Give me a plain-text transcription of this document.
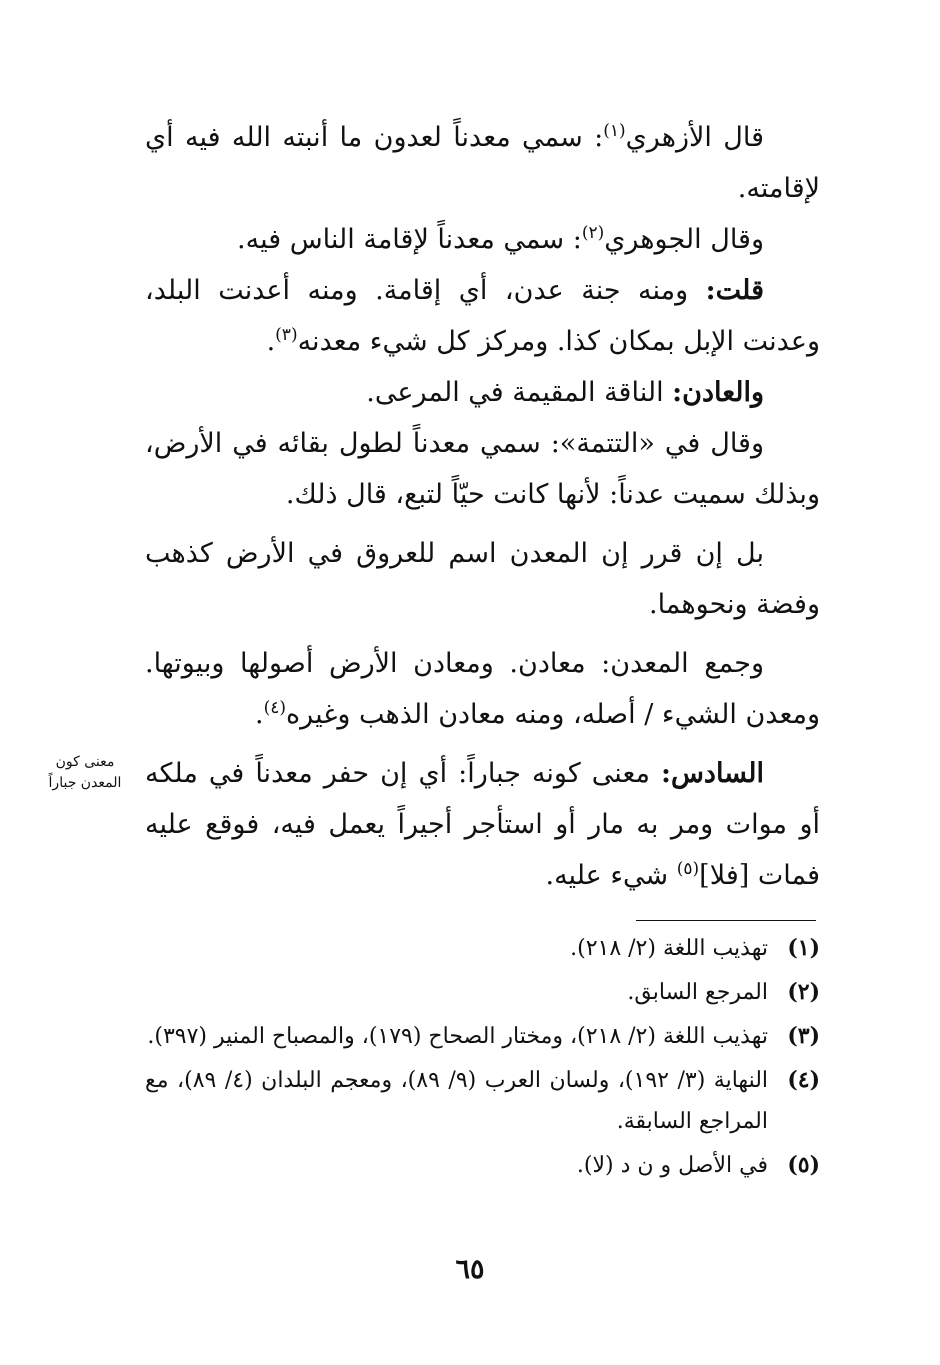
قال الأزهري$^{(١)}$: سمي معدناً لعدون ما أنبته الله فيه أي لإقامته.

وقال الجوهري$^{(٢)}$: سمي معدناً لإقامة الناس فيه.

قلت: ومنه جنة عدن، أي إقامة. ومنه أعدنت البلد، وعدنت الإبل بمكان كذا. ومركز كل شيء معدنه$^{(٣)}$.

والعادن: الناقة المقيمة في المرعى.

وقال في «التتمة»: سمي معدناً لطول بقائه في الأرض، وبذلك سميت عدناً: لأنها كانت حيّاً لتبع، قال ذلك.

بل إن قرر إن المعدن اسم للعروق في الأرض كذهب وفضة ونحوهما.

وجمع المعدن: معادن. ومعادن الأرض أصولها وبيوتها. ومعدن الشيء / أصله، ومنه معادن الذهب وغيره$^{(٤)}$.

السادس: معنى كونه جباراً: أي إن حفر معدناً في ملكه أو موات ومر به مار أو استأجر أجيراً يعمل فيه، فوقع عليه فمات [فلا]$^{(٥)}$ شيء عليه.

معنى كون
المعدن جباراً
(١)
تهذيب اللغة (٢/ ٢١٨).
(٢)
المرجع السابق.
(٣)
تهذيب اللغة (٢/ ٢١٨)، ومختار الصحاح (١٧٩)، والمصباح المنير (٣٩٧).
(٤)
النهاية (٣/ ١٩٢)، ولسان العرب (٩/ ٨٩)، ومعجم البلدان (٤/ ٨٩)، مع المراجع السابقة.
(٥)
في الأصل و ن د (لا).
٦٥
